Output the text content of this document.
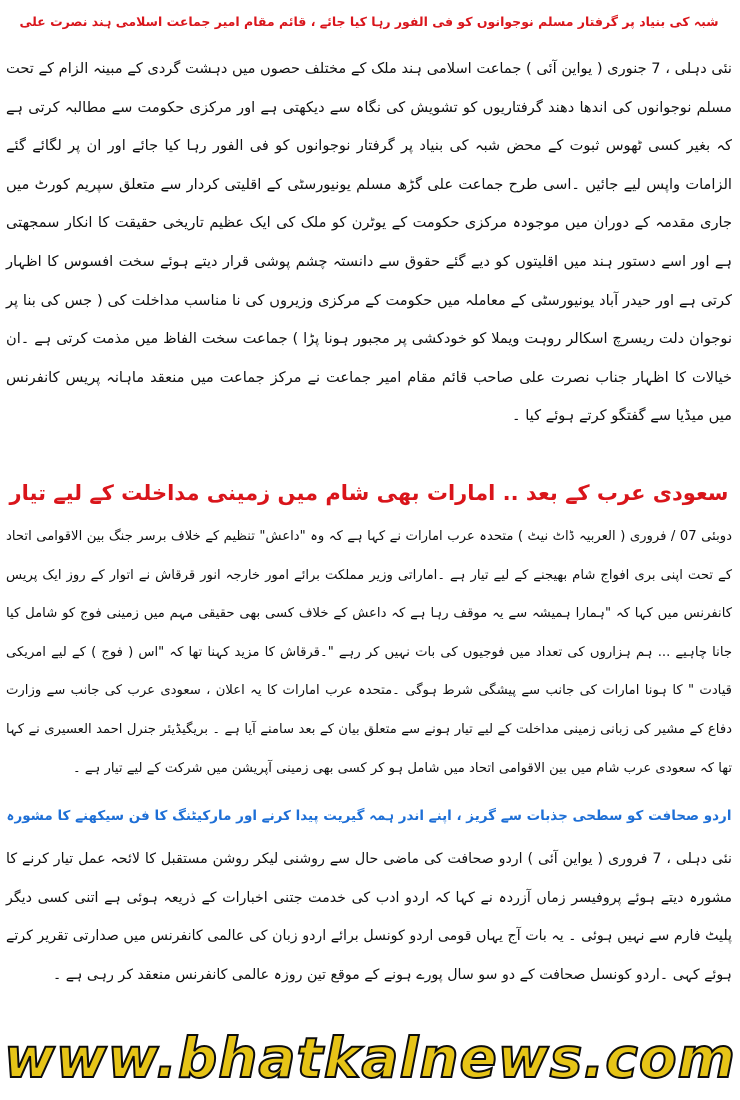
شبہ کی بنیاد پر گرفتار مسلم نوجوانوں کو فی الفور رہا کیا جائے ، قائم مقام امیر جماعت اسلامی ہند نصرت علی

نئی دہلی ، 7 جنوری ( یواین آئی ) جماعت اسلامی ہند ملک کے مختلف حصوں میں دہشت گردی کے مبینہ الزام کے تحت مسلم نوجوانوں کی اندھا دھند گرفتاریوں کو تشویش کی نگاہ سے دیکھتی ہے اور مرکزی حکومت سے مطالبہ کرتی ہے کہ بغیر کسی ٹھوس ثبوت کے محض شبہ کی بنیاد پر گرفتار نوجوانوں کو فی الفور رہا کیا جائے اور ان پر لگائے گئے الزامات واپس لیے جائیں ۔اسی طرح جماعت علی گڑھ مسلم یونیورسٹی کے اقلیتی کردار سے متعلق سپریم کورٹ میں جاری مقدمہ کے دوران میں موجودہ مرکزی حکومت کے یوٹرن کو ملک کی ایک عظیم تاریخی حقیقت کا انکار سمجھتی ہے اور اسے دستور ہند میں اقلیتوں کو دیے گئے حقوق سے دانستہ چشم پوشی قرار دیتے ہوئے سخت افسوس کا اظہار کرتی ہے اور حیدر آباد یونیورسٹی کے معاملہ میں حکومت کے مرکزی وزیروں کی نا مناسب مداخلت کی ( جس کی بنا پر نوجوان دلت ریسرچ اسکالر روہت ویملا کو خودکشی پر مجبور ہونا پڑا ) جماعت سخت الفاظ میں مذمت کرتی ہے ۔ان خیالات کا اظہار جناب نصرت علی صاحب قائم مقام امیر جماعت نے مرکز جماعت میں منعقد ماہانہ پریس کانفرنس میں میڈیا سے گفتگو کرتے ہوئے کیا ۔

سعودی عرب کے بعد .. امارات بھی شام میں زمینی مداخلت کے لیے تیار

دوبئی 07 / فروری ( العربیہ ڈاٹ نیٹ ) متحدہ عرب امارات نے کہا ہے کہ وہ "داعش" تنظیم کے خلاف برسر جنگ بین الاقوامی اتحاد کے تحت اپنی بری افواج شام بھیجنے کے لیے تیار ہے ۔اماراتی وزیر مملکت برائے امور خارجہ انور قرقاش نے اتوار کے روز ایک پریس کانفرنس میں کہا کہ "ہمارا ہمیشہ سے یہ موقف رہا ہے کہ داعش کے خلاف کسی بھی حقیقی مہم میں زمینی فوج کو شامل کیا جانا چاہیے ... ہم ہزاروں کی تعداد میں فوجیوں کی بات نہیں کر رہے "۔قرقاش کا مزید کہنا تھا کہ "اس ( فوج ) کے لیے امریکی قیادت " کا ہونا امارات کی جانب سے پیشگی شرط ہوگی ۔متحدہ عرب امارات کا یہ اعلان ، سعودی عرب کی جانب سے وزارت دفاع کے مشیر کی زبانی زمینی مداخلت کے لیے تیار ہونے سے متعلق بیان کے بعد سامنے آیا ہے ۔ بریگیڈیئر جنرل احمد العسیری نے کہا تھا کہ سعودی عرب شام میں بین الاقوامی اتحاد میں شامل ہو کر کسی بھی زمینی آپریشن میں شرکت کے لیے تیار ہے ۔

اردو صحافت کو سطحی جذبات سے گریز ، اپنے اندر ہمہ گیریت پیدا کرنے اور مارکیٹنگ کا فن سیکھنے کا مشورہ

نئی دہلی ، 7 فروری ( یواین آئی ) اردو صحافت کی ماضی حال سے روشنی لیکر روشن مستقبل کا لائحہ عمل تیار کرنے کا مشورہ دیتے ہوئے پروفیسر زماں آزردہ نے کہا کہ اردو ادب کی خدمت جتنی اخبارات کے ذریعہ ہوئی ہے اتنی کسی دیگر پلیٹ فارم سے نہیں ہوئی ۔ یہ بات آج یہاں قومی اردو کونسل برائے اردو زبان کی عالمی کانفرنس میں صدارتی تقریر کرتے ہوئے کہی ۔اردو کونسل صحافت کے دو سو سال پورے ہونے کے موقع تین روزہ عالمی کانفرنس منعقد کر رہی ہے ۔

www.bhatkalnews.com
